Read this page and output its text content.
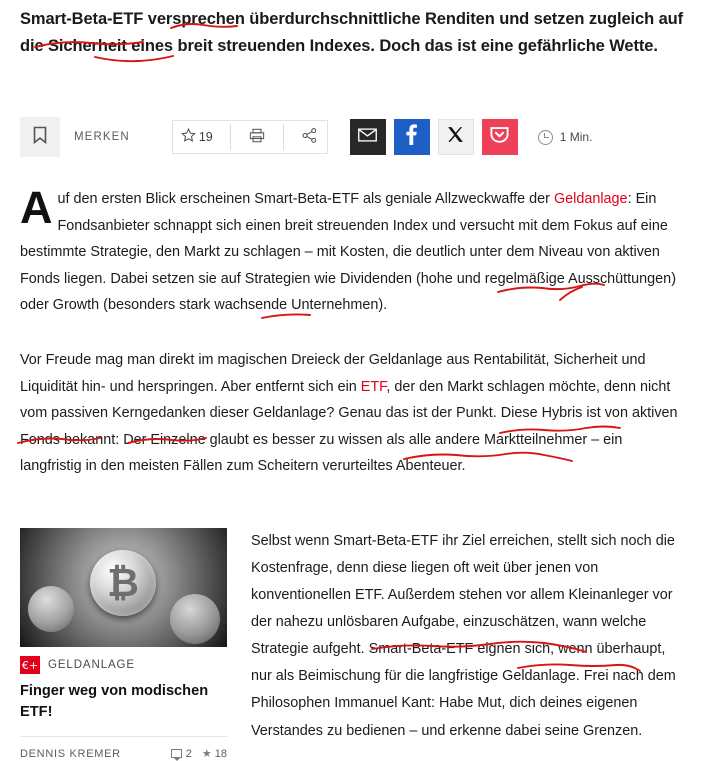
Smart-Beta-ETF versprechen überdurchschnittliche Renditen und setzen zugleich auf die Sicherheit eines breit streuenden Indexes. Doch das ist eine gefährliche Wette.
MERKEN	19	1 Min.
Auf den ersten Blick erscheinen Smart-Beta-ETF als geniale Allzweckwaffe der Geldanlage: Ein Fondsanbieter schnappt sich einen breit streuenden Index und versucht mit dem Fokus auf eine bestimmte Strategie, den Markt zu schlagen – mit Kosten, die deutlich unter dem Niveau von aktiven Fonds liegen. Dabei setzen sie auf Strategien wie Dividenden (hohe und regelmäßige Ausschüttungen) oder Growth (besonders stark wachsende Unternehmen).
Vor Freude mag man direkt im magischen Dreieck der Geldanlage aus Rentabilität, Sicherheit und Liquidität hin- und herspringen. Aber entfernt sich ein ETF, der den Markt schlagen möchte, denn nicht vom passiven Kerngedanken dieser Geldanlage? Genau das ist der Punkt. Diese Hybris ist von aktiven Fonds bekannt: Der Einzelne glaubt es besser zu wissen als alle andere Marktteilnehmer – ein langfristig in den meisten Fällen zum Scheitern verurteiltes Abenteuer.
₿
€+ GELDANLAGE
Finger weg von modischen ETF!
DENNIS KREMER	2 ★ 18
Selbst wenn Smart-Beta-ETF ihr Ziel erreichen, stellt sich noch die Kostenfrage, denn diese liegen oft weit über jenen von konventionellen ETF. Außerdem stehen vor allem Kleinanleger vor der nahezu unlösbaren Aufgabe, einzuschätzen, wann welche Strategie aufgeht. Smart-Beta-ETF eignen sich, wenn überhaupt, nur als Beimischung für die langfristige Geldanlage. Frei nach dem Philosophen Immanuel Kant: Habe Mut, dich deines eigenen Verstandes zu bedienen – und erkenne dabei seine Grenzen.
